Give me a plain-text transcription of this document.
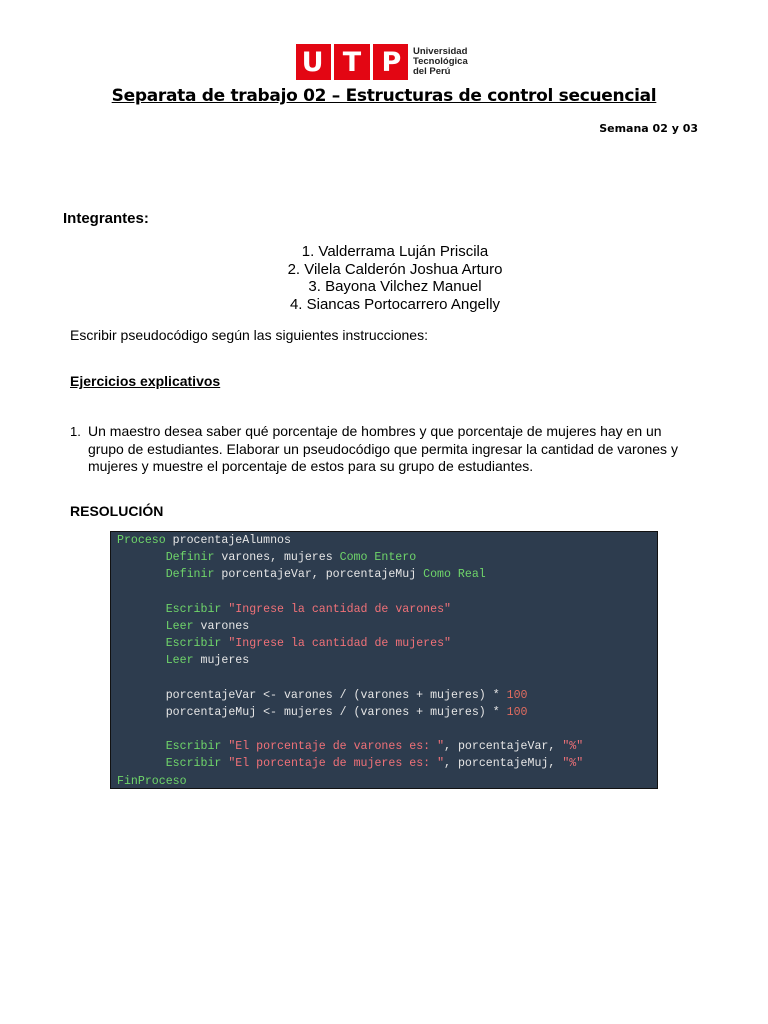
U T P	Universidad
Tecnológica
del Perú
Separata de trabajo 02 – Estructuras de control secuencial
Semana 02 y 03
Integrantes:
1. Valderrama Luján Priscila
2. Vilela Calderón Joshua Arturo
3. Bayona Vilchez Manuel
4. Siancas Portocarrero Angelly
Escribir pseudocódigo según las siguientes instrucciones:
Ejercicios explicativos
1. Un maestro desea saber qué porcentaje de hombres y que porcentaje de mujeres hay en un grupo de estudiantes. Elaborar un pseudocódigo que permita ingresar la cantidad de varones y mujeres y muestre el porcentaje de estos para su grupo de estudiantes.
RESOLUCIÓN
Proceso procentajeAlumnos
Definir varones, mujeres Como Entero
Definir porcentajeVar, porcentajeMuj Como Real
Escribir "Ingrese la cantidad de varones"
Leer varones
Escribir "Ingrese la cantidad de mujeres"
Leer mujeres
porcentajeVar <- varones / (varones + mujeres) * 100
porcentajeMuj <- mujeres / (varones + mujeres) * 100
Escribir "El porcentaje de varones es: ", porcentajeVar, "%"
Escribir "El porcentaje de mujeres es: ", porcentajeMuj, "%"
FinProceso
